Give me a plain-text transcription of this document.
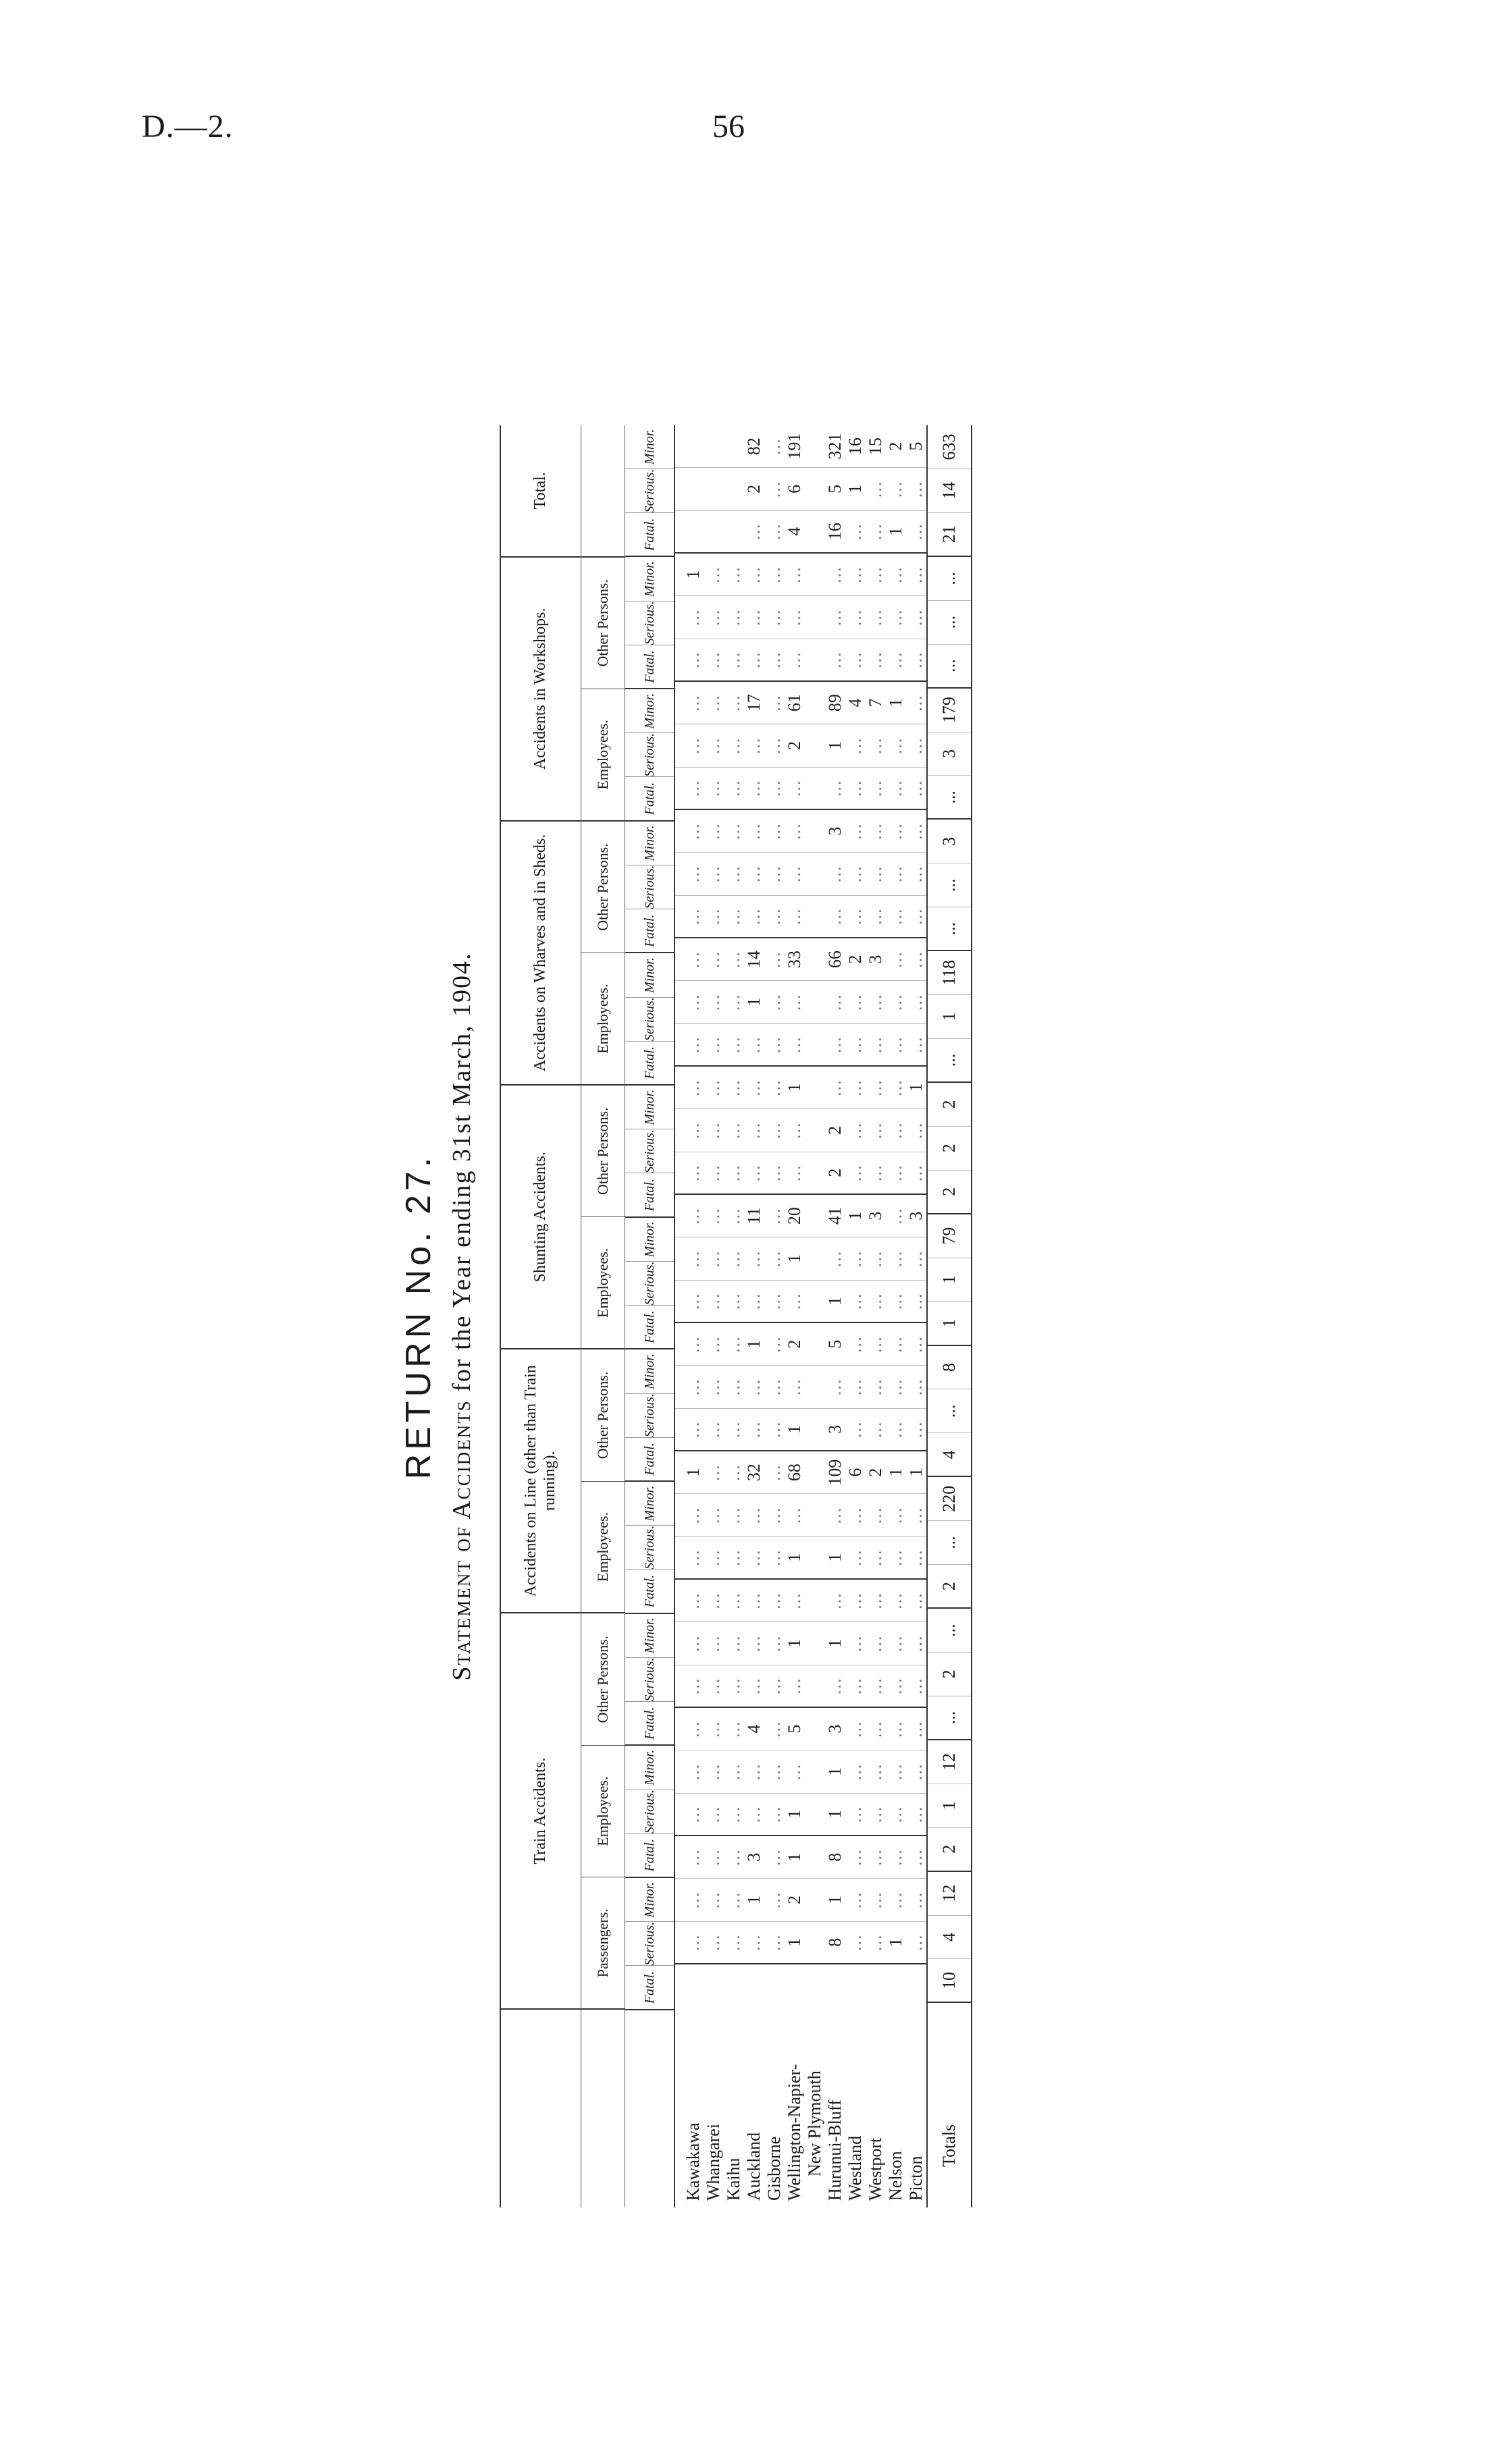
D.—2.	56
RETURN No. 27.
Statement of Accidents for the Year ending 31st March, 1904.
Train Accidents.
Accidents on Line (other than Train running).
Shunting Accidents.
Accidents on Wharves and in Sheds.
Accidents in Workshops.
Total.
Passengers.
Employees.
Other Persons.
Employees.
Other Persons.
Employees.
Other Persons.
Employees.
Other Persons.
Employees.
Other Persons.
Fatal.
Serious.
Minor.
Fatal.
Serious.
Minor.
Fatal.
Serious.
Minor.
Fatal.
Serious.
Minor.
Fatal.
Serious.
Minor.
Fatal.
Serious.
Minor.
Fatal.
Serious.
Minor.
Fatal.
Serious.
Minor.
Fatal.
Serious.
Minor.
Fatal.
Serious.
Minor.
Fatal.
Serious.
Minor.
Fatal.
Serious.
Minor.
Kawakawa Whangarei Kaihu Auckland Gisborne Wellington-Napier- New Plymouth Hurunui-Bluff Westland Westport Nelson Picton
... ... ... ... ... 1 8 ... ... 1 ...
... ... ... 1 ... 2 1 ... ... ... ...
... ... ... 3 ... 1 8 ... ... ... ...
... ... ... ... ... 1 1 ... ... ... ...
... ... ... ... ... ... 1 ... ... ... ...
... ... ... 4 ... 5 3 ... ... ... ...
... ... ... ... ... ... ... ... ... ... ...
... ... ... ... ... 1 1 ... ... ... ...
... ... ... ... ... ... ... ... ... ... ...
... ... ... ... ... 1 1 ... ... ... ...
... ... ... ... ... ... ... ... ... ... ...
1 ... ... 32 ... 68 109 6 2 1 1
... ... ... ... ... 1 3 ... ... ... ...
... ... ... ... ... ... ... ... ... ... ...
... ... ... 1 ... 2 5 ... ... ... ...
... ... ... ... ... ... 1 ... ... ... ...
... ... ... ... ... 1 ... ... ... ... ...
... ... ... 11 ... 20 41 1 3 ... 3
... ... ... ... ... ... 2 ... ... ... ...
... ... ... ... ... ... 2 ... ... ... ...
... ... ... ... ... 1 ... ... ... ... 1
... ... ... ... ... ... ... ... ... ... ...
... ... ... 1 ... ... ... ... ... ... ...
... ... ... 14 ... 33 66 2 3 ... ...
... ... ... ... ... ... ... ... ... ... ...
... ... ... ... ... ... ... ... ... ... ...
... ... ... ... ... ... 3 ... ... ... ...
... ... ... ... ... ... ... ... ... ... ...
... ... ... ... ... 2 1 ... ... ... ...
... ... ... 17 ... 61 89 4 7 1 ...
... ... ... ... ... ... ... ... ... ... ...
... ... ... ... ... ... ... ... ... ... ...
1 ... ... ... ... ... ... ... ... ... ...
... ... 4 16 ... ... 1 ...
2 ... 6 5 1 ... ... ...
82 ... 191 321 16 15 2 5
Totals
10
4
12
2
1
12
...
2
...
2
...
220
4
...
8
1
1
79
2
2
2
...
1
118
...
...
3
...
3
179
...
...
...
21
14
633
